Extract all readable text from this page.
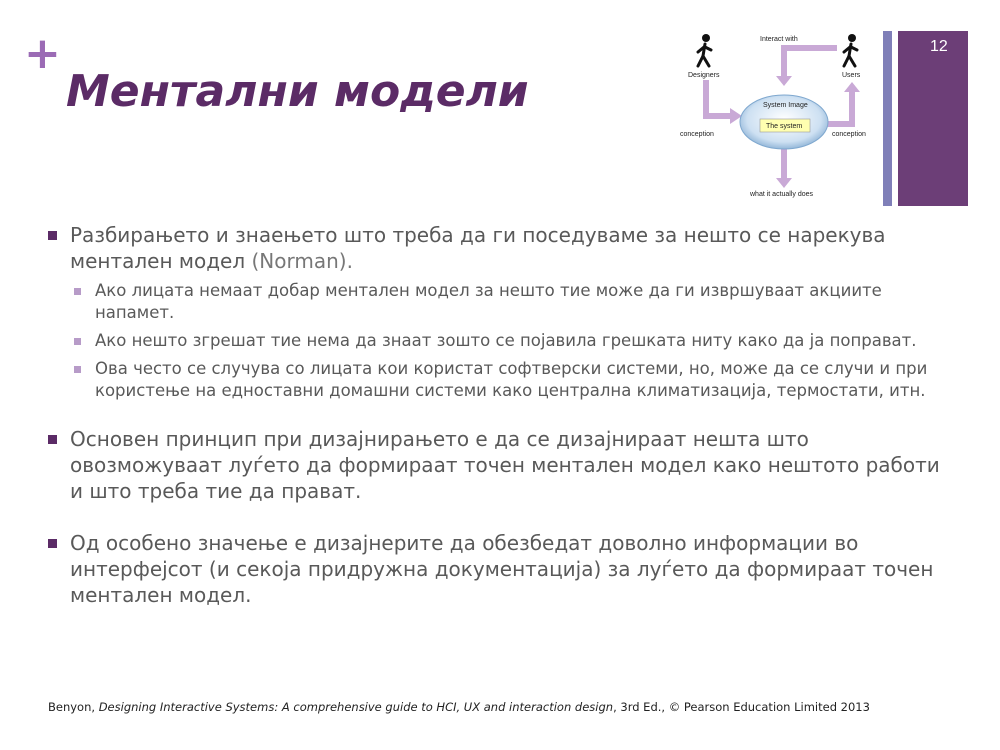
+
Ментални модели
12
System Image
The system
Designers	Users
Interact with
conception	conception
what it actually does
Разбирањето и знаењето што треба да ги поседуваме за нешто се нарекува ментален модел (Norman).
Ако лицата немаат добар ментален модел за нешто тие може да ги извршуваат акциите напамет.
Ако нешто згрешат тие нема да знаат зошто се појавила грешката ниту како да ја поправат.
Ова често се случува со лицата кои користат софтверски системи, но, може да се случи и при користење на едноставни домашни системи како централна климатизација, термостати, итн.
Основен принцип при дизајнирањето е да се дизајнираат нешта што овозможуваат луѓето да формираат точен ментален модел како нештото работи и што треба тие да прават.
Од особено значење е дизајнерите да обезбедат доволно информации во интерфејсот (и секоја придружна документација) за луѓето да формираат точен ментален модел.
Benyon, Designing Interactive Systems: A comprehensive guide to HCI, UX and interaction design, 3rd Ed., © Pearson Education Limited 2013
